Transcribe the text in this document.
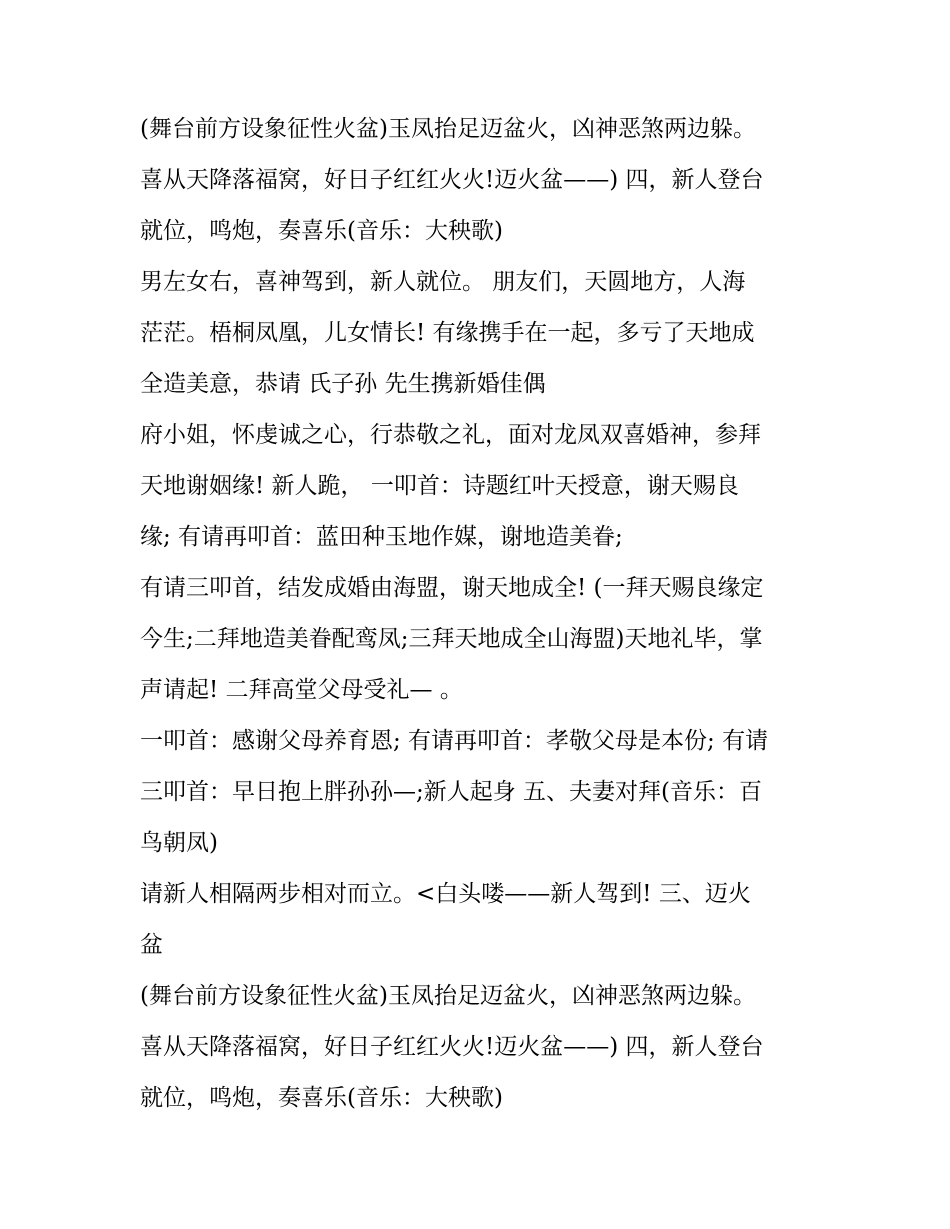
(舞台前方设象征性火盆)玉凤抬足迈盆火，凶神恶煞两边躲。
喜从天降落福窝，好日子红红火火!迈火盆——) 四，新人登台
就位，鸣炮，奏喜乐(音乐：大秧歌)
男左女右，喜神驾到，新人就位。 朋友们，天圆地方，人海
茫茫。梧桐凤凰，儿女情长! 有缘携手在一起，多亏了天地成
全造美意，恭请 氏子孙 先生携新婚佳偶
府小姐，怀虔诚之心，行恭敬之礼，面对龙凤双喜婚神，参拜
天地谢姻缘! 新人跪， 一叩首：诗题红叶天授意，谢天赐良
缘; 有请再叩首：蓝田种玉地作媒，谢地造美眷;
有请三叩首，结发成婚由海盟，谢天地成全! (一拜天赐良缘定
今生;二拜地造美眷配鸾凤;三拜天地成全山海盟)天地礼毕，掌
声请起! 二拜高堂父母受礼— 。
一叩首：感谢父母养育恩; 有请再叩首：孝敬父母是本份; 有请
三叩首：早日抱上胖孙孙—;新人起身 五、夫妻对拜(音乐：百
鸟朝凤)
请新人相隔两步相对而立。<白头喽——新人驾到! 三、迈火
盆
(舞台前方设象征性火盆)玉凤抬足迈盆火，凶神恶煞两边躲。
喜从天降落福窝，好日子红红火火!迈火盆——) 四，新人登台
就位，鸣炮，奏喜乐(音乐：大秧歌)
